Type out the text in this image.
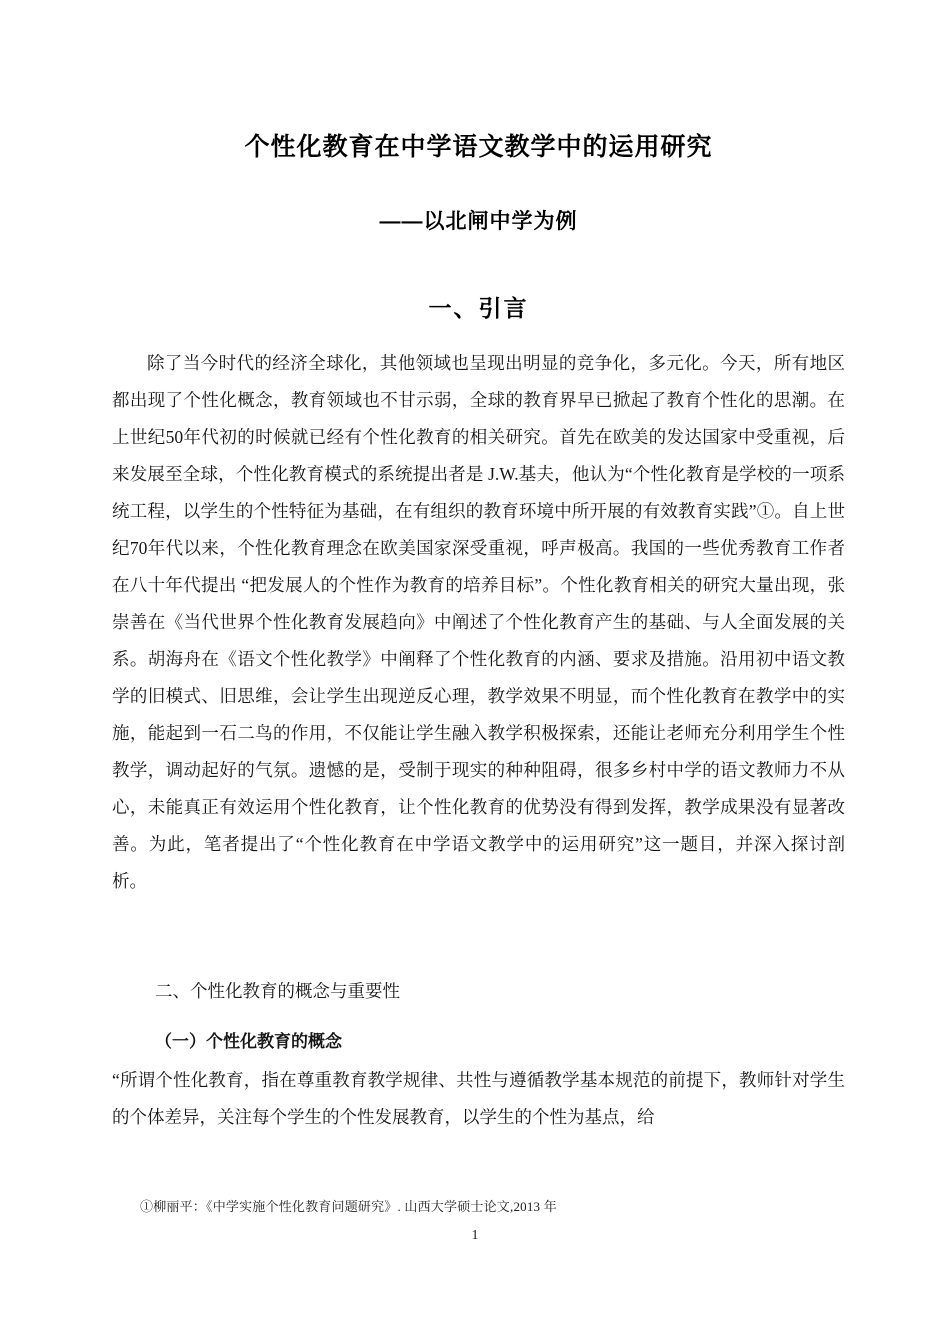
个性化教育在中学语文教学中的运用研究
——以北闸中学为例
一、引言

除了当今时代的经济全球化，其他领域也呈现出明显的竞争化，多元化。今天，所有地区都出现了个性化概念，教育领域也不甘示弱，全球的教育界早已掀起了教育个性化的思潮。在上世纪50年代初的时候就已经有个性化教育的相关研究。首先在欧美的发达国家中受重视，后来发展至全球，个性化教育模式的系统提出者是 J.W.基夫，他认为“个性化教育是学校的一项系统工程，以学生的个性特征为基础，在有组织的教育环境中所开展的有效教育实践”①。自上世纪70年代以来，个性化教育理念在欧美国家深受重视，呼声极高。我国的一些优秀教育工作者在八十年代提出 “把发展人的个性作为教育的培养目标”。个性化教育相关的研究大量出现，张崇善在《当代世界个性化教育发展趋向》中阐述了个性化教育产生的基础、与人全面发展的关系。胡海舟在《语文个性化教学》中阐释了个性化教育的内涵、要求及措施。沿用初中语文教学的旧模式、旧思维，会让学生出现逆反心理，教学效果不明显，而个性化教育在教学中的实施，能起到一石二鸟的作用，不仅能让学生融入教学积极探索，还能让老师充分利用学生个性教学，调动起好的气氛。遗憾的是，受制于现实的种种阻碍，很多乡村中学的语文教师力不从心，未能真正有效运用个性化教育，让个性化教育的优势没有得到发挥，教学成果没有显著改善。为此，笔者提出了“个性化教育在中学语文教学中的运用研究”这一题目，并深入探讨剖析。

二、个性化教育的概念与重要性
（一）个性化教育的概念

“所谓个性化教育，指在尊重教育教学规律、共性与遵循教学基本规范的前提下，教师针对学生的个体差异，关注每个学生的个性发展教育，以学生的个性为基点，给

①柳丽平：《中学实施个性化教育问题研究》. 山西大学硕士论文,2013 年
1
